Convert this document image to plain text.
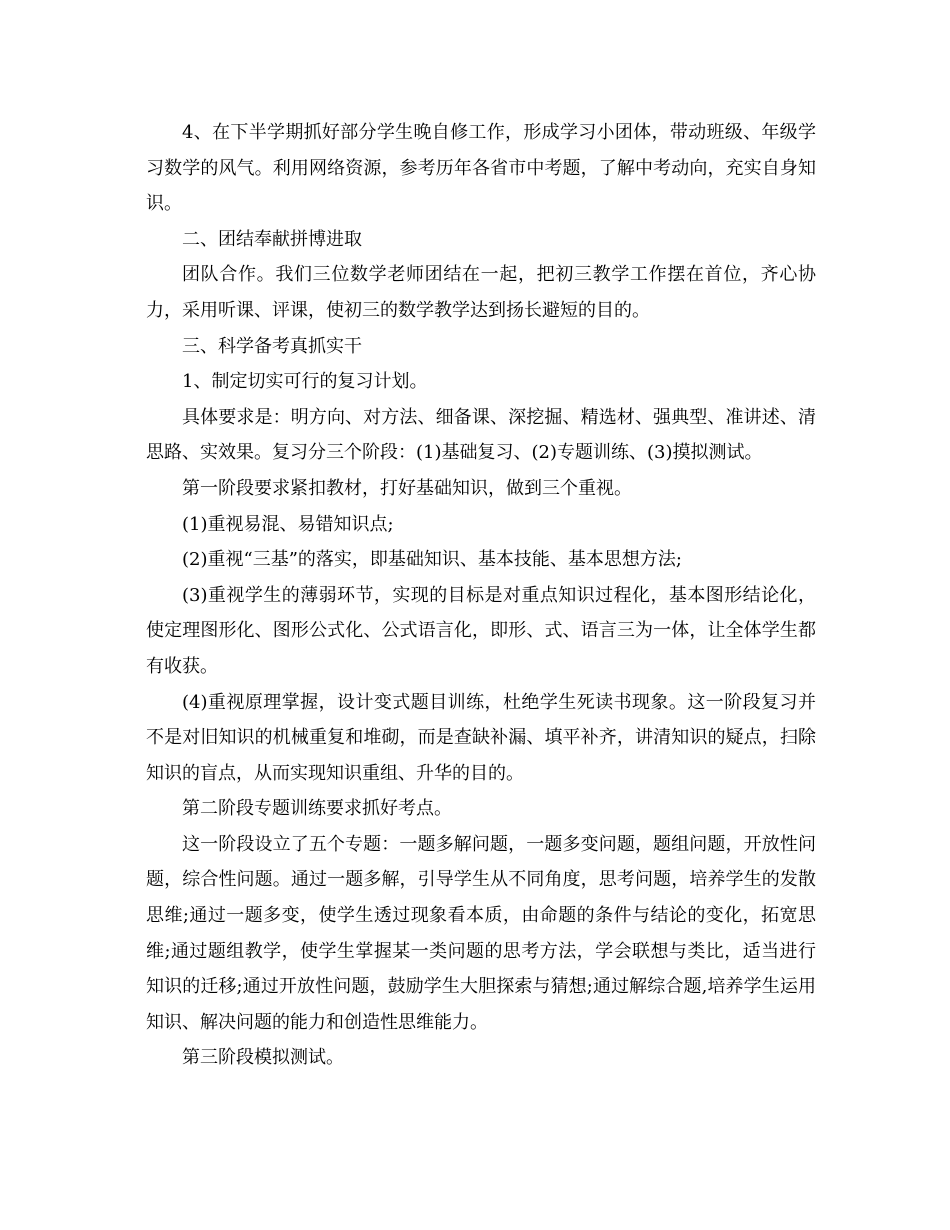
4、在下半学期抓好部分学生晚自修工作，形成学习小团体，带动班级、年级学习数学的风气。利用网络资源，参考历年各省市中考题，了解中考动向，充实自身知识。

二、团结奉献拼博进取

团队合作。我们三位数学老师团结在一起，把初三教学工作摆在首位，齐心协力，采用听课、评课，使初三的数学教学达到扬长避短的目的。

三、科学备考真抓实干

1、制定切实可行的复习计划。

具体要求是：明方向、对方法、细备课、深挖掘、精选材、强典型、准讲述、清思路、实效果。复习分三个阶段：(1)基础复习、(2)专题训练、(3)摸拟测试。

第一阶段要求紧扣教材，打好基础知识，做到三个重视。

(1)重视易混、易错知识点;

(2)重视“三基”的落实，即基础知识、基本技能、基本思想方法;

(3)重视学生的薄弱环节，实现的目标是对重点知识过程化，基本图形结论化，使定理图形化、图形公式化、公式语言化，即形、式、语言三为一体，让全体学生都有收获。

(4)重视原理掌握，设计变式题目训练，杜绝学生死读书现象。这一阶段复习并不是对旧知识的机械重复和堆砌，而是查缺补漏、填平补齐，讲清知识的疑点，扫除知识的盲点，从而实现知识重组、升华的目的。

第二阶段专题训练要求抓好考点。

这一阶段设立了五个专题：一题多解问题，一题多变问题，题组问题，开放性问题，综合性问题。通过一题多解，引导学生从不同角度，思考问题，培养学生的发散思维;通过一题多变，使学生透过现象看本质，由命题的条件与结论的变化，拓宽思维;通过题组教学，使学生掌握某一类问题的思考方法，学会联想与类比，适当进行知识的迁移;通过开放性问题，鼓励学生大胆探索与猜想;通过解综合题,培养学生运用知识、解决问题的能力和创造性思维能力。

第三阶段模拟测试。
